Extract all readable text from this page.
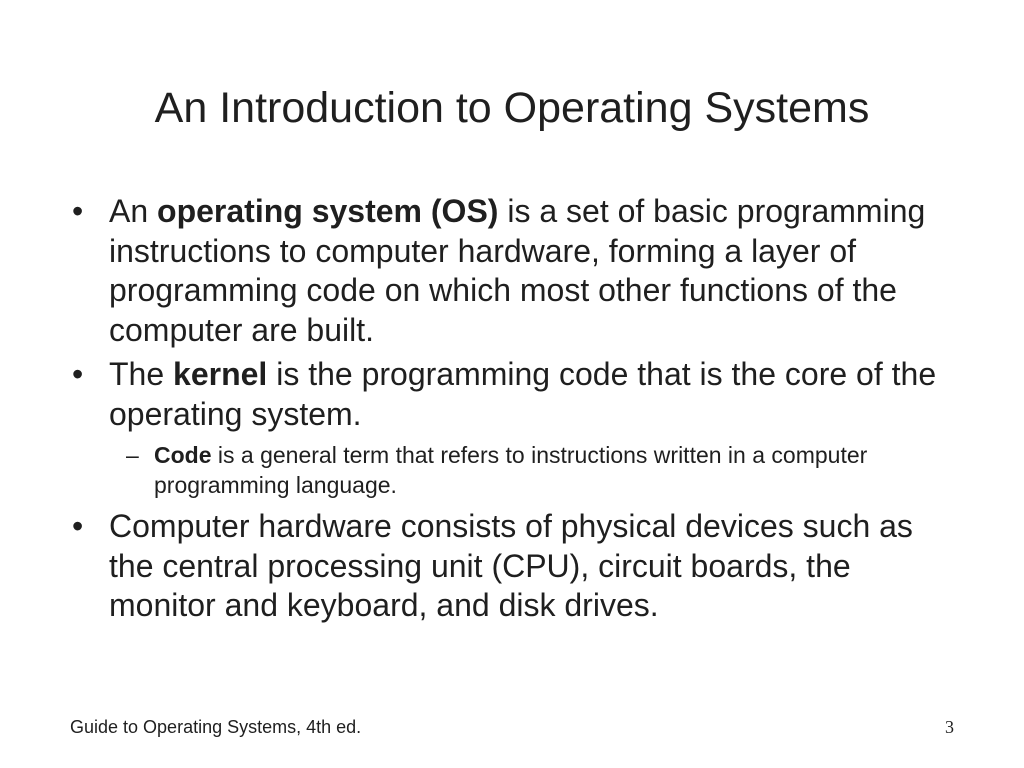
An Introduction to Operating Systems
• An operating system (OS) is a set of basic programming instructions to computer hardware, forming a layer of programming code on which most other functions of the computer are built.
• The kernel is the programming code that is the core of the operating system.
– Code is a general term that refers to instructions written in a computer programming language.
• Computer hardware consists of physical devices such as the central processing unit (CPU), circuit boards, the monitor and keyboard, and disk drives.
Guide to Operating Systems, 4th ed.	3
